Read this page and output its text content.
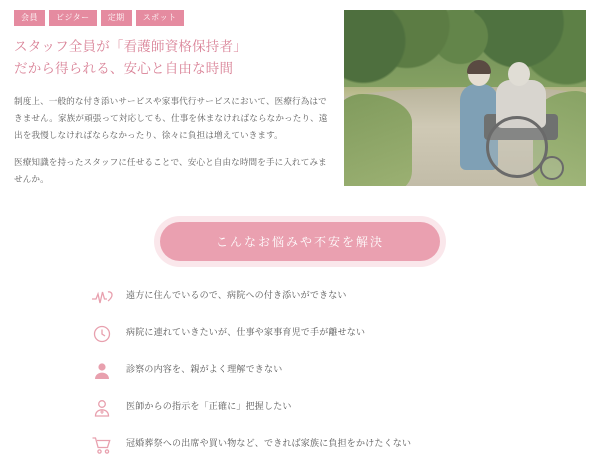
会員	ビジター	定期	スポット
スタッフ全員が「看護師資格保持者」
だから得られる、安心と自由な時間

制度上、一般的な付き添いサービスや家事代行サービスにおいて、医療行為はできません。家族が頑張って対応しても、仕事を休まなければならなかったり、遠出を我慢しなければならなかったり、徐々に負担は増えていきます。

医療知識を持ったスタッフに任せることで、安心と自由な時間を手に入れてみませんか。

こんなお悩みや不安を解決
遠方に住んでいるので、病院への付き添いができない
病院に連れていきたいが、仕事や家事育児で手が離せない
診察の内容を、親がよく理解できない
医師からの指示を「正確に」把握したい
冠婚葬祭への出席や買い物など、できれば家族に負担をかけたくない
